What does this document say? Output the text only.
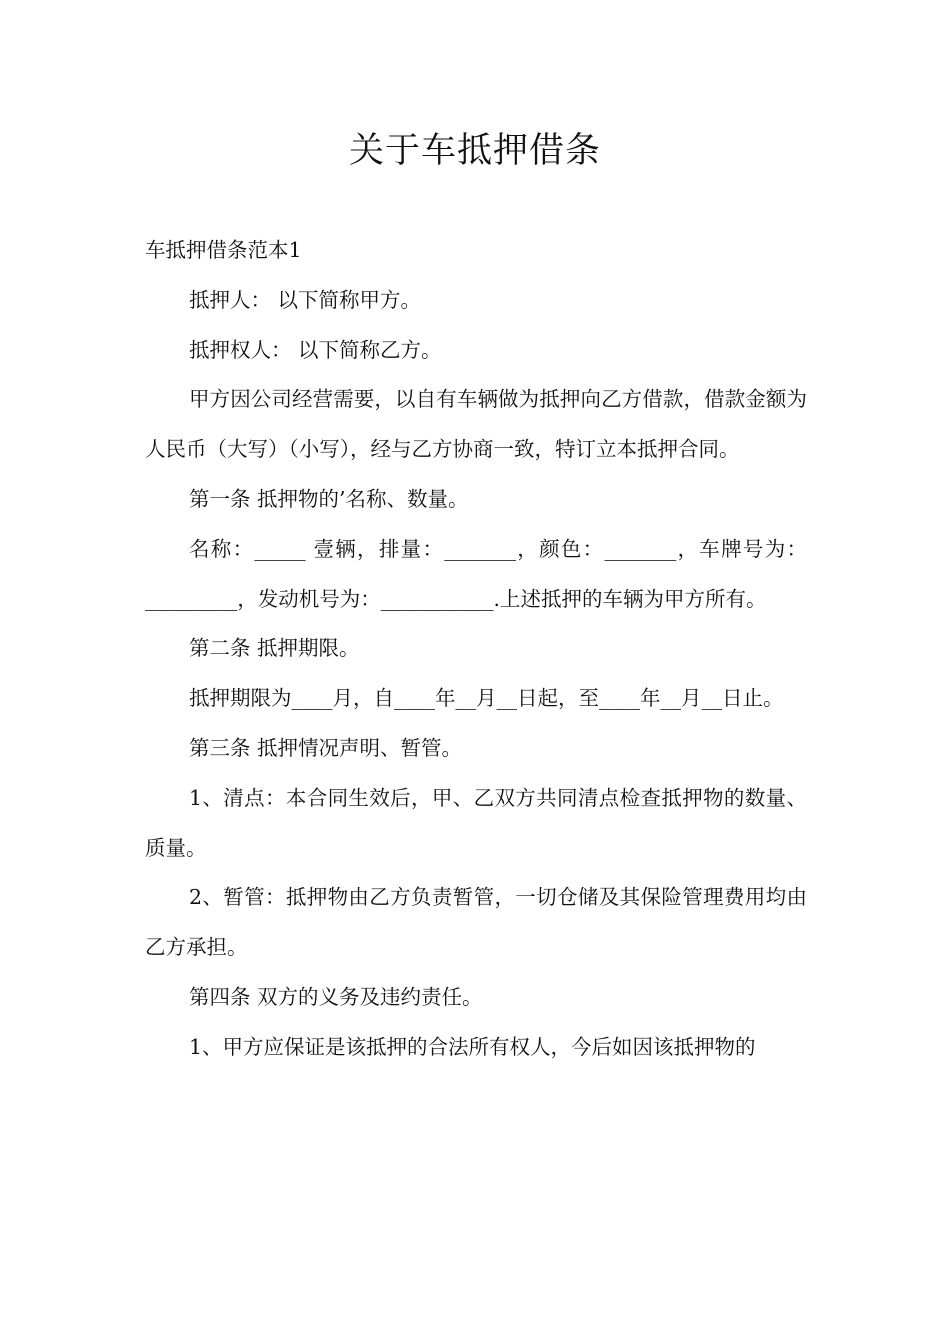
关于车抵押借条

车抵押借条范本1

抵押人： 以下简称甲方。

抵押权人： 以下简称乙方。

甲方因公司经营需要，以自有车辆做为抵押向乙方借款，借款金额为人民币（大写）（小写），经与乙方协商一致，特订立本抵押合同。

第一条 抵押物的’名称、数量。

名称：_____ 壹辆，排量：_______，颜色：_______，车牌号为：_________，发动机号为：___________.上述抵押的车辆为甲方所有。

第二条 抵押期限。

抵押期限为____月，自____年__月__日起，至____年__月__日止。

第三条 抵押情况声明、暂管。

1、清点：本合同生效后，甲、乙双方共同清点检查抵押物的数量、质量。

2、暂管：抵押物由乙方负责暂管，一切仓储及其保险管理费用均由乙方承担。

第四条 双方的义务及违约责任。

1、甲方应保证是该抵押的合法所有权人，今后如因该抵押物的
